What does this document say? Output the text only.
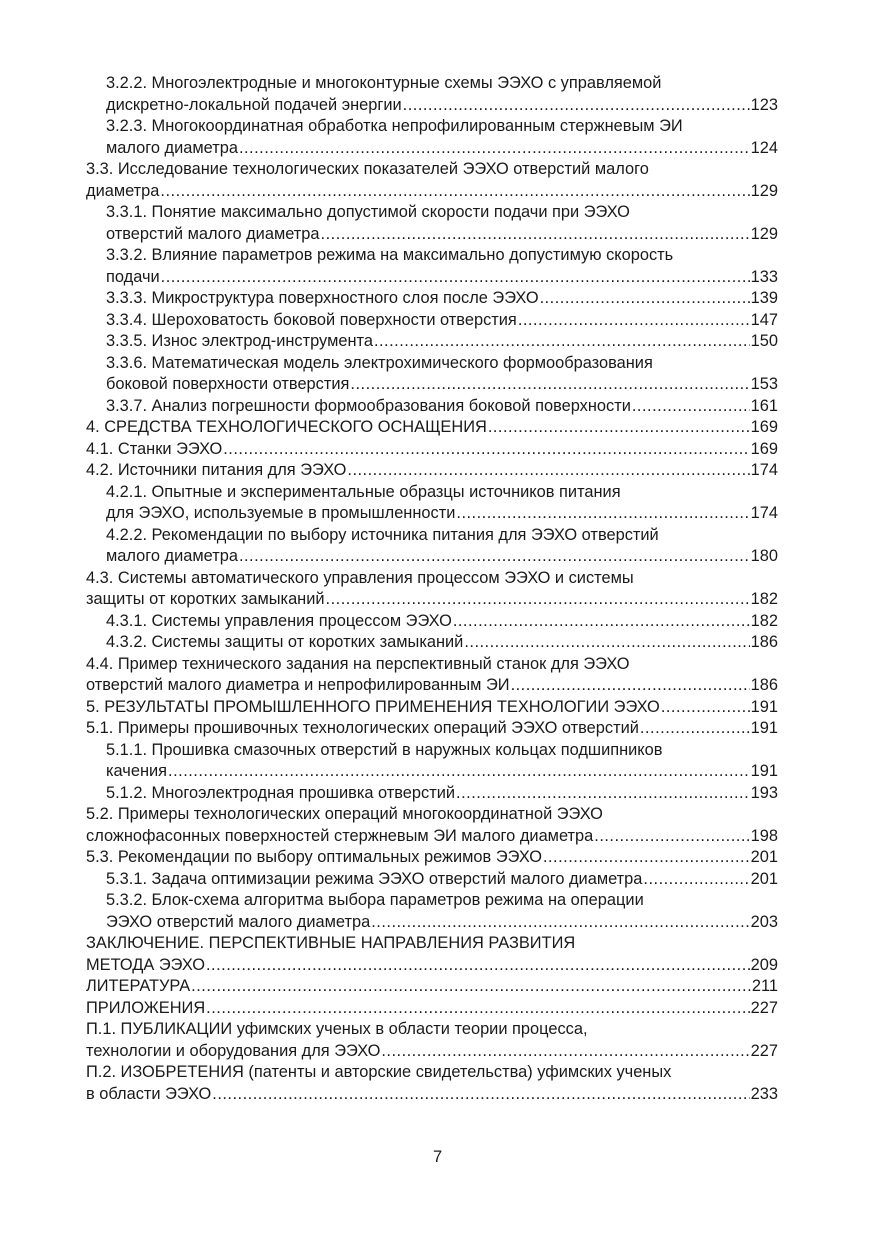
3.2.2. Многоэлектродные и многоконтурные схемы ЭЭХО с управляемой
дискретно-локальной подачей энергии .....	123
3.2.3. Многокоординатная обработка непрофилированным стержневым ЭИ
малого диаметра .....	124
3.3. Исследование технологических показателей ЭЭХО отверстий малого
диаметра .....	129
3.3.1. Понятие максимально допустимой скорости подачи при ЭЭХО
отверстий малого диаметра .....	129
3.3.2. Влияние параметров режима на максимально допустимую скорость
подачи .....	133
3.3.3. Микроструктура поверхностного слоя после ЭЭХО .....	139
3.3.4. Шероховатость боковой поверхности отверстия .....	147
3.3.5. Износ электрод-инструмента .....	150
3.3.6. Математическая модель электрохимического формообразования
боковой поверхности отверстия .....	153
3.3.7. Анализ погрешности формообразования боковой поверхности .....	161
4. СРЕДСТВА ТЕХНОЛОГИЧЕСКОГО ОСНАЩЕНИЯ .....	169
4.1. Станки ЭЭХО .....	169
4.2. Источники питания для ЭЭХО .....	174
4.2.1. Опытные и экспериментальные образцы источников питания
для ЭЭХО, используемые в промышленности .....	174
4.2.2. Рекомендации по выбору источника питания для ЭЭХО отверстий
малого диаметра .....	180
4.3. Системы автоматического управления процессом ЭЭХО и системы
защиты от коротких замыканий .....	182
4.3.1. Системы управления процессом ЭЭХО .....	182
4.3.2. Системы защиты от коротких замыканий .....	186
4.4. Пример технического задания на перспективный станок для ЭЭХО
отверстий малого диаметра и непрофилированным ЭИ .....	186
5. РЕЗУЛЬТАТЫ ПРОМЫШЛЕННОГО ПРИМЕНЕНИЯ ТЕХНОЛОГИИ ЭЭХО .....	191
5.1. Примеры прошивочных технологических операций ЭЭХО отверстий .....	191
5.1.1. Прошивка смазочных отверстий в наружных кольцах подшипников
качения .....	191
5.1.2. Многоэлектродная прошивка отверстий .....	193
5.2. Примеры технологических операций многокоординатной ЭЭХО
сложнофасонных поверхностей стержневым ЭИ малого диаметра .....	198
5.3. Рекомендации по выбору оптимальных режимов ЭЭХО .....	201
5.3.1. Задача оптимизации режима ЭЭХО отверстий малого диаметра .....	201
5.3.2. Блок-схема алгоритма выбора параметров режима на операции
ЭЭХО отверстий малого диаметра .....	203
ЗАКЛЮЧЕНИЕ. ПЕРСПЕКТИВНЫЕ НАПРАВЛЕНИЯ РАЗВИТИЯ
МЕТОДА ЭЭХО .....	209
ЛИТЕРАТУРА .....	211
ПРИЛОЖЕНИЯ .....	227
П.1. ПУБЛИКАЦИИ уфимских ученых в области теории процесса,
технологии и оборудования для ЭЭХО .....	227
П.2. ИЗОБРЕТЕНИЯ (патенты и авторские свидетельства) уфимских ученых
в области ЭЭХО .....	233
7
